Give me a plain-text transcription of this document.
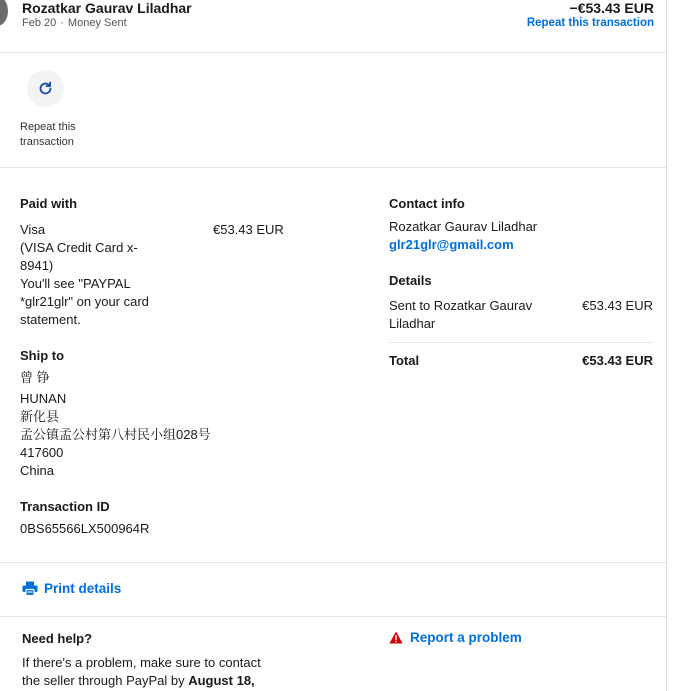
Rozatkar Gaurav Liladhar
Feb 20 · Money Sent
−€53.43 EUR
Repeat this transaction
Repeat this transaction
Paid with
Visa
(VISA Credit Card x-
8941)
You'll see "PAYPAL
*glr21glr" on your card
statement.
€53.43 EUR
Ship to
曾 铮
HUNAN
新化县
孟公镇孟公村第八村民小组028号
417600
China
Transaction ID
0BS65566LX500964R
Contact info
Rozatkar Gaurav Liladhar
glr21glr@gmail.com
Details
Sent to Rozatkar Gaurav
Liladhar
€53.43 EUR
Total	€53.43 EUR
Print details
Need help?
If there's a problem, make sure to contact
the seller through PayPal by August 18,
Report a problem
